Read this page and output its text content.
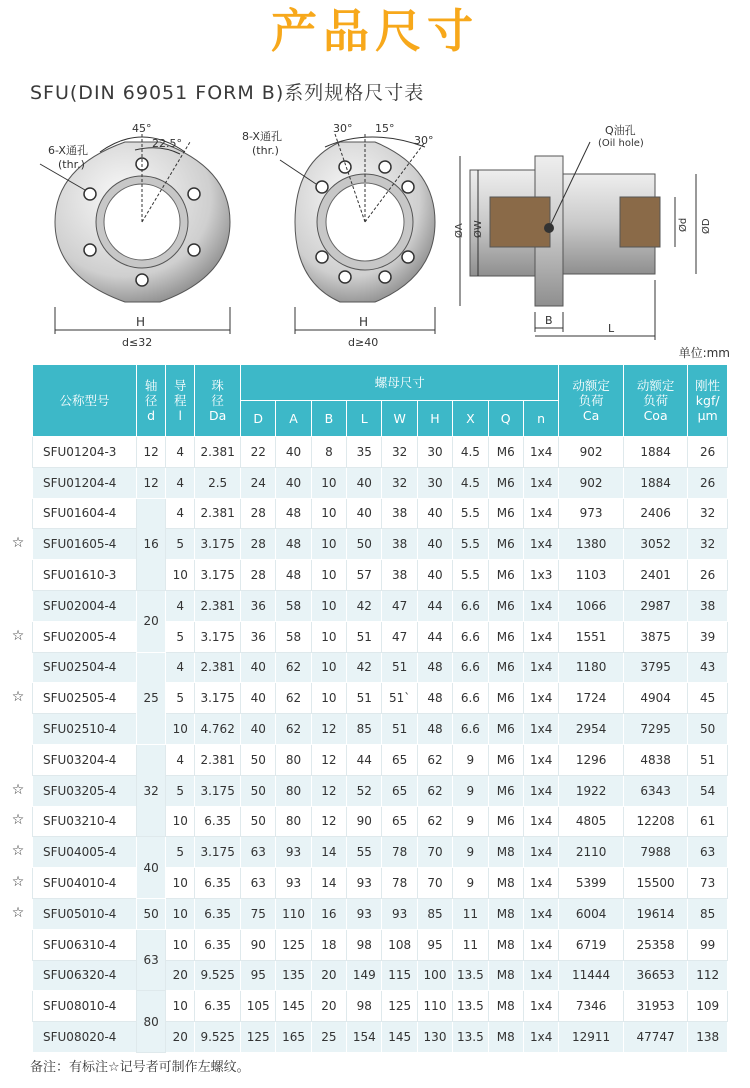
产品尺寸
SFU(DIN 69051 FORM B)系列规格尺寸表
6-X通孔
(thr.)
45°
22.5°
H
d≤32
8-X通孔
(thr.)
30° 15°
30°
H
d≥40
Q油孔
(Oil hole)
ØA ØW	Ød ØD
B
L
单位:mm
公称型号	轴
径
d	导
程
l	珠
径
Da	螺母尺寸									动额定
负荷
Ca	动额定
负荷
Coa	刚性
kgf/
μm
				D	A	B	L	W	H	X	Q	n			
SFU01204-3	12	4	2.381	22	40	8	35	32	30	4.5	M6	1x4	902	1884	26
SFU01204-4	12	4	2.5	24	40	10	40	32	30	4.5	M6	1x4	902	1884	26
SFU01604-4	16	4	2.381	28	48	10	40	38	40	5.5	M6	1x4	973	2406	32
SFU01605-4		5	3.175	28	48	10	50	38	40	5.5	M6	1x4	1380	3052	32
SFU01610-3		10	3.175	28	48	10	57	38	40	5.5	M6	1x3	1103	2401	26
SFU02004-4	20	4	2.381	36	58	10	42	47	44	6.6	M6	1x4	1066	2987	38
SFU02005-4		5	3.175	36	58	10	51	47	44	6.6	M6	1x4	1551	3875	39
SFU02504-4	25	4	2.381	40	62	10	42	51	48	6.6	M6	1x4	1180	3795	43
SFU02505-4		5	3.175	40	62	10	51	51`	48	6.6	M6	1x4	1724	4904	45
SFU02510-4		10	4.762	40	62	12	85	51	48	6.6	M6	1x4	2954	7295	50
SFU03204-4	32	4	2.381	50	80	12	44	65	62	9	M6	1x4	1296	4838	51
SFU03205-4		5	3.175	50	80	12	52	65	62	9	M6	1x4	1922	6343	54
SFU03210-4		10	6.35	50	80	12	90	65	62	9	M6	1x4	4805	12208	61
SFU04005-4	40	5	3.175	63	93	14	55	78	70	9	M8	1x4	2110	7988	63
SFU04010-4		10	6.35	63	93	14	93	78	70	9	M8	1x4	5399	15500	73
SFU05010-4	50	10	6.35	75	110	16	93	93	85	11	M8	1x4	6004	19614	85
SFU06310-4	63	10	6.35	90	125	18	98	108	95	11	M8	1x4	6719	25358	99
SFU06320-4		20	9.525	95	135	20	149	115	100	13.5	M8	1x4	11444	36653	112
SFU08010-4	80	10	6.35	105	145	20	98	125	110	13.5	M8	1x4	7346	31953	109
SFU08020-4		20	9.525	125	165	25	154	145	130	13.5	M8	1x4	12911	47747	138
备注：有标注☆记号者可制作左螺纹。
☆
☆
☆
☆
☆
☆
☆
☆
